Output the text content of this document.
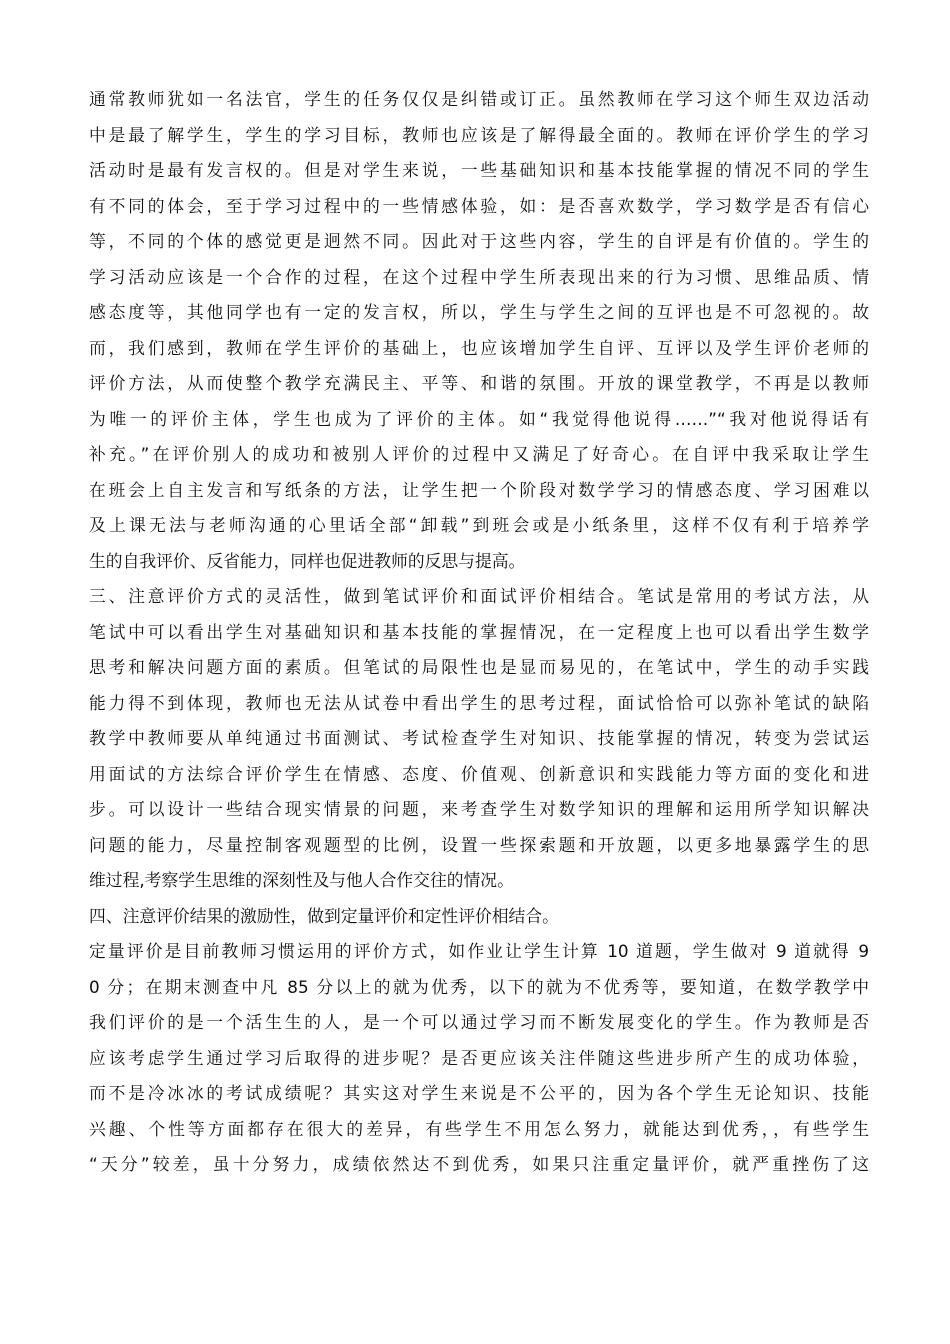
通常教师犹如一名法官，学生的任务仅仅是纠错或订正。虽然教师在学习这个师生双边活动
中是最了解学生，学生的学习目标，教师也应该是了解得最全面的。教师在评价学生的学习
活动时是最有发言权的。但是对学生来说，一些基础知识和基本技能掌握的情况不同的学生
有不同的体会，至于学习过程中的一些情感体验，如：是否喜欢数学，学习数学是否有信心
等，不同的个体的感觉更是迥然不同。因此对于这些内容，学生的自评是有价值的。学生的
学习活动应该是一个合作的过程，在这个过程中学生所表现出来的行为习惯、思维品质、情
感态度等，其他同学也有一定的发言权，所以，学生与学生之间的互评也是不可忽视的。故
而，我们感到，教师在学生评价的基础上，也应该增加学生自评、互评以及学生评价老师的
评价方法，从而使整个教学充满民主、平等、和谐的氛围。开放的课堂教学，不再是以教师
为唯一的评价主体，学生也成为了评价的主体。如“我觉得他说得……”“我对他说得话有
补充。”在评价别人的成功和被别人评价的过程中又满足了好奇心。在自评中我采取让学生
在班会上自主发言和写纸条的方法，让学生把一个阶段对数学学习的情感态度、学习困难以
及上课无法与老师沟通的心里话全部“卸载”到班会或是小纸条里，这样不仅有利于培养学
生的自我评价、反省能力，同样也促进教师的反思与提高。
三、注意评价方式的灵活性，做到笔试评价和面试评价相结合。笔试是常用的考试方法，从
笔试中可以看出学生对基础知识和基本技能的掌握情况，在一定程度上也可以看出学生数学
思考和解决问题方面的素质。但笔试的局限性也是显而易见的，在笔试中，学生的动手实践
能力得不到体现，教师也无法从试卷中看出学生的思考过程，面试恰恰可以弥补笔试的缺陷
教学中教师要从单纯通过书面测试、考试检查学生对知识、技能掌握的情况，转变为尝试运
用面试的方法综合评价学生在情感、态度、价值观、创新意识和实践能力等方面的变化和进
步。可以设计一些结合现实情景的问题，来考查学生对数学知识的理解和运用所学知识解决
问题的能力，尽量控制客观题型的比例，设置一些探索题和开放题，以更多地暴露学生的思
维过程,考察学生思维的深刻性及与他人合作交往的情况。
四、注意评价结果的激励性，做到定量评价和定性评价相结合。
定量评价是目前教师习惯运用的评价方式，如作业让学生计算 10 道题，学生做对 9 道就得 9
0 分；在期末测查中凡 85 分以上的就为优秀，以下的就为不优秀等，要知道，在数学教学中
我们评价的是一个活生生的人，是一个可以通过学习而不断发展变化的学生。作为教师是否
应该考虑学生通过学习后取得的进步呢？是否更应该关注伴随这些进步所产生的成功体验，
而不是冷冰冰的考试成绩呢？其实这对学生来说是不公平的，因为各个学生无论知识、技能
兴趣、个性等方面都存在很大的差异，有些学生不用怎么努力，就能达到优秀，，有些学生
“天分”较差，虽十分努力，成绩依然达不到优秀，如果只注重定量评价，就严重挫伤了这
